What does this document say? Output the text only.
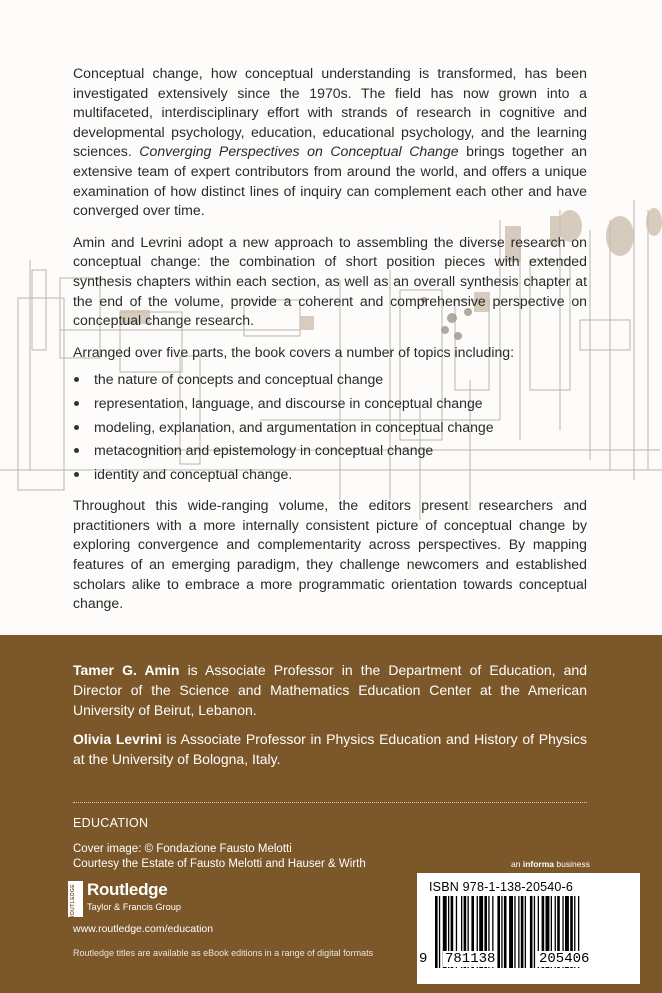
Conceptual change, how conceptual understanding is transformed, has been investigated extensively since the 1970s. The field has now grown into a multifaceted, interdisciplinary effort with strands of research in cognitive and developmental psychology, education, educational psychology, and the learning sciences. Converging Perspectives on Conceptual Change brings together an extensive team of expert contributors from around the world, and offers a unique examination of how distinct lines of inquiry can complement each other and have converged over time.

Amin and Levrini adopt a new approach to assembling the diverse research on conceptual change: the combination of short position pieces with extended synthesis chapters within each section, as well as an overall synthesis chapter at the end of the volume, provide a coherent and comprehensive perspective on conceptual change research.

Arranged over five parts, the book covers a number of topics including:

the nature of concepts and conceptual change
representation, language, and discourse in conceptual change
modeling, explanation, and argumentation in conceptual change
metacognition and epistemology in conceptual change
identity and conceptual change.

Throughout this wide-ranging volume, the editors present researchers and practitioners with a more internally consistent picture of conceptual change by exploring convergence and complementarity across perspectives. By mapping features of an emerging paradigm, they challenge newcomers and established scholars alike to embrace a more programmatic orientation towards conceptual change.

Tamer G. Amin is Associate Professor in the Department of Education, and Director of the Science and Mathematics Education Center at the American University of Beirut, Lebanon.

Olivia Levrini is Associate Professor in Physics Education and History of Physics at the University of Bologna, Italy.

EDUCATION
Cover image: © Fondazione Fausto Melotti
Courtesy the Estate of Fausto Melotti and Hauser & Wirth
ROUTLEDGE Routledge
Taylor & Francis Group
www.routledge.com/education
Routledge titles are available as eBook editions in a range of digital formats
an informa business
ISBN 978-1-138-20540-6
9 781138	205406
